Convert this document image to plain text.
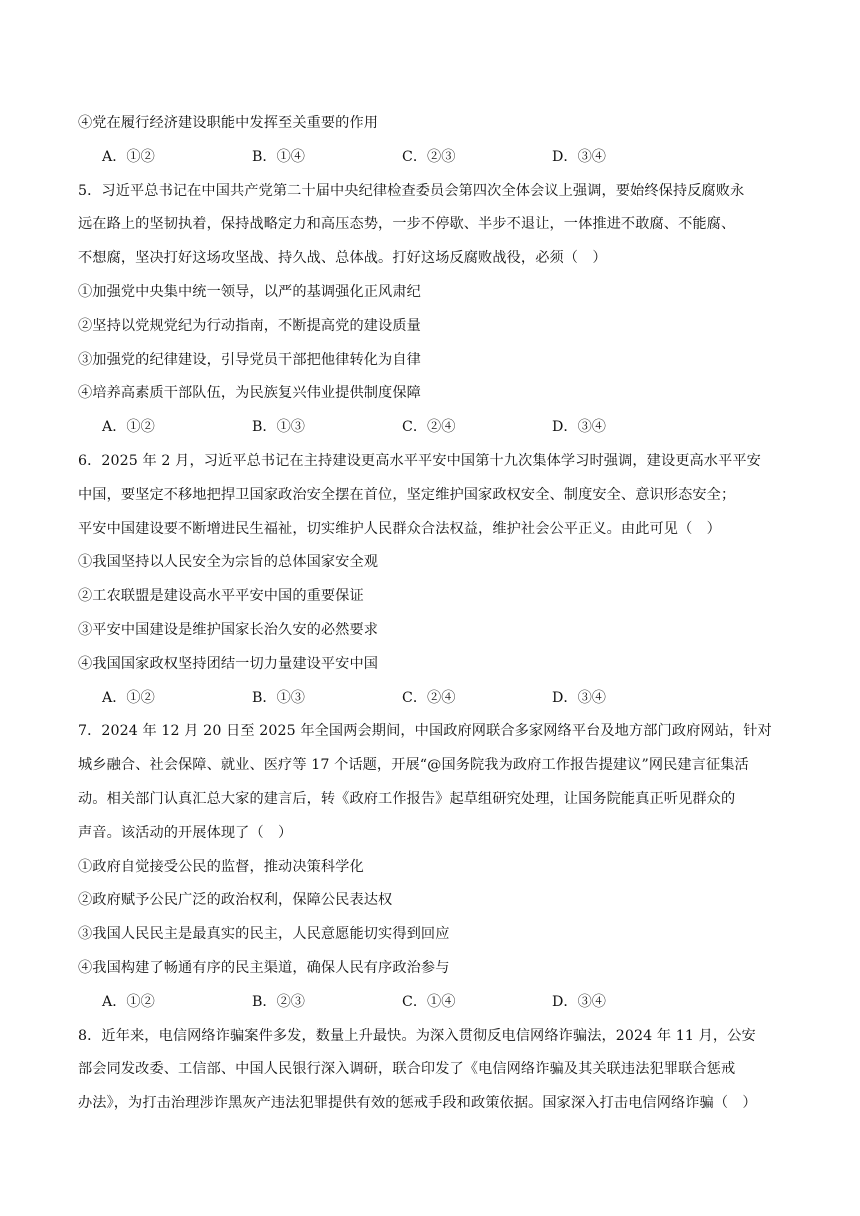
④党在履行经济建设职能中发挥至关重要的作用
A．①②	B．①④	C．②③	D．③④
5．习近平总书记在中国共产党第二十届中央纪律检查委员会第四次全体会议上强调，要始终保持反腐败永
远在路上的坚韧执着，保持战略定力和高压态势，一步不停歇、半步不退让，一体推进不敢腐、不能腐、
不想腐，坚决打好这场攻坚战、持久战、总体战。打好这场反腐败战役，必须（　）
①加强党中央集中统一领导，以严的基调强化正风肃纪
②坚持以党规党纪为行动指南，不断提高党的建设质量
③加强党的纪律建设，引导党员干部把他律转化为自律
④培养高素质干部队伍，为民族复兴伟业提供制度保障
A．①②	B．①③	C．②④	D．③④
6．2025 年 2 月，习近平总书记在主持建设更高水平平安中国第十九次集体学习时强调，建设更高水平平安
中国，要坚定不移地把捍卫国家政治安全摆在首位，坚定维护国家政权安全、制度安全、意识形态安全；
平安中国建设要不断增进民生福祉，切实维护人民群众合法权益，维护社会公平正义。由此可见（　）
①我国坚持以人民安全为宗旨的总体国家安全观
②工农联盟是建设高水平平安中国的重要保证
③平安中国建设是维护国家长治久安的必然要求
④我国国家政权坚持团结一切力量建设平安中国
A．①②	B．①③	C．②④	D．③④
7．2024 年 12 月 20 日至 2025 年全国两会期间，中国政府网联合多家网络平台及地方部门政府网站，针对
城乡融合、社会保障、就业、医疗等 17 个话题，开展“@国务院我为政府工作报告提建议”网民建言征集活
动。相关部门认真汇总大家的建言后，转《政府工作报告》起草组研究处理，让国务院能真正听见群众的
声音。该活动的开展体现了（　）
①政府自觉接受公民的监督，推动决策科学化
②政府赋予公民广泛的政治权利，保障公民表达权
③我国人民民主是最真实的民主，人民意愿能切实得到回应
④我国构建了畅通有序的民主渠道，确保人民有序政治参与
A．①②	B．②③	C．①④	D．③④
8．近年来，电信网络诈骗案件多发，数量上升最快。为深入贯彻反电信网络诈骗法，2024 年 11 月，公安
部会同发改委、工信部、中国人民银行深入调研，联合印发了《电信网络诈骗及其关联违法犯罪联合惩戒
办法》，为打击治理涉诈黑灰产违法犯罪提供有效的惩戒手段和政策依据。国家深入打击电信网络诈骗（　）
